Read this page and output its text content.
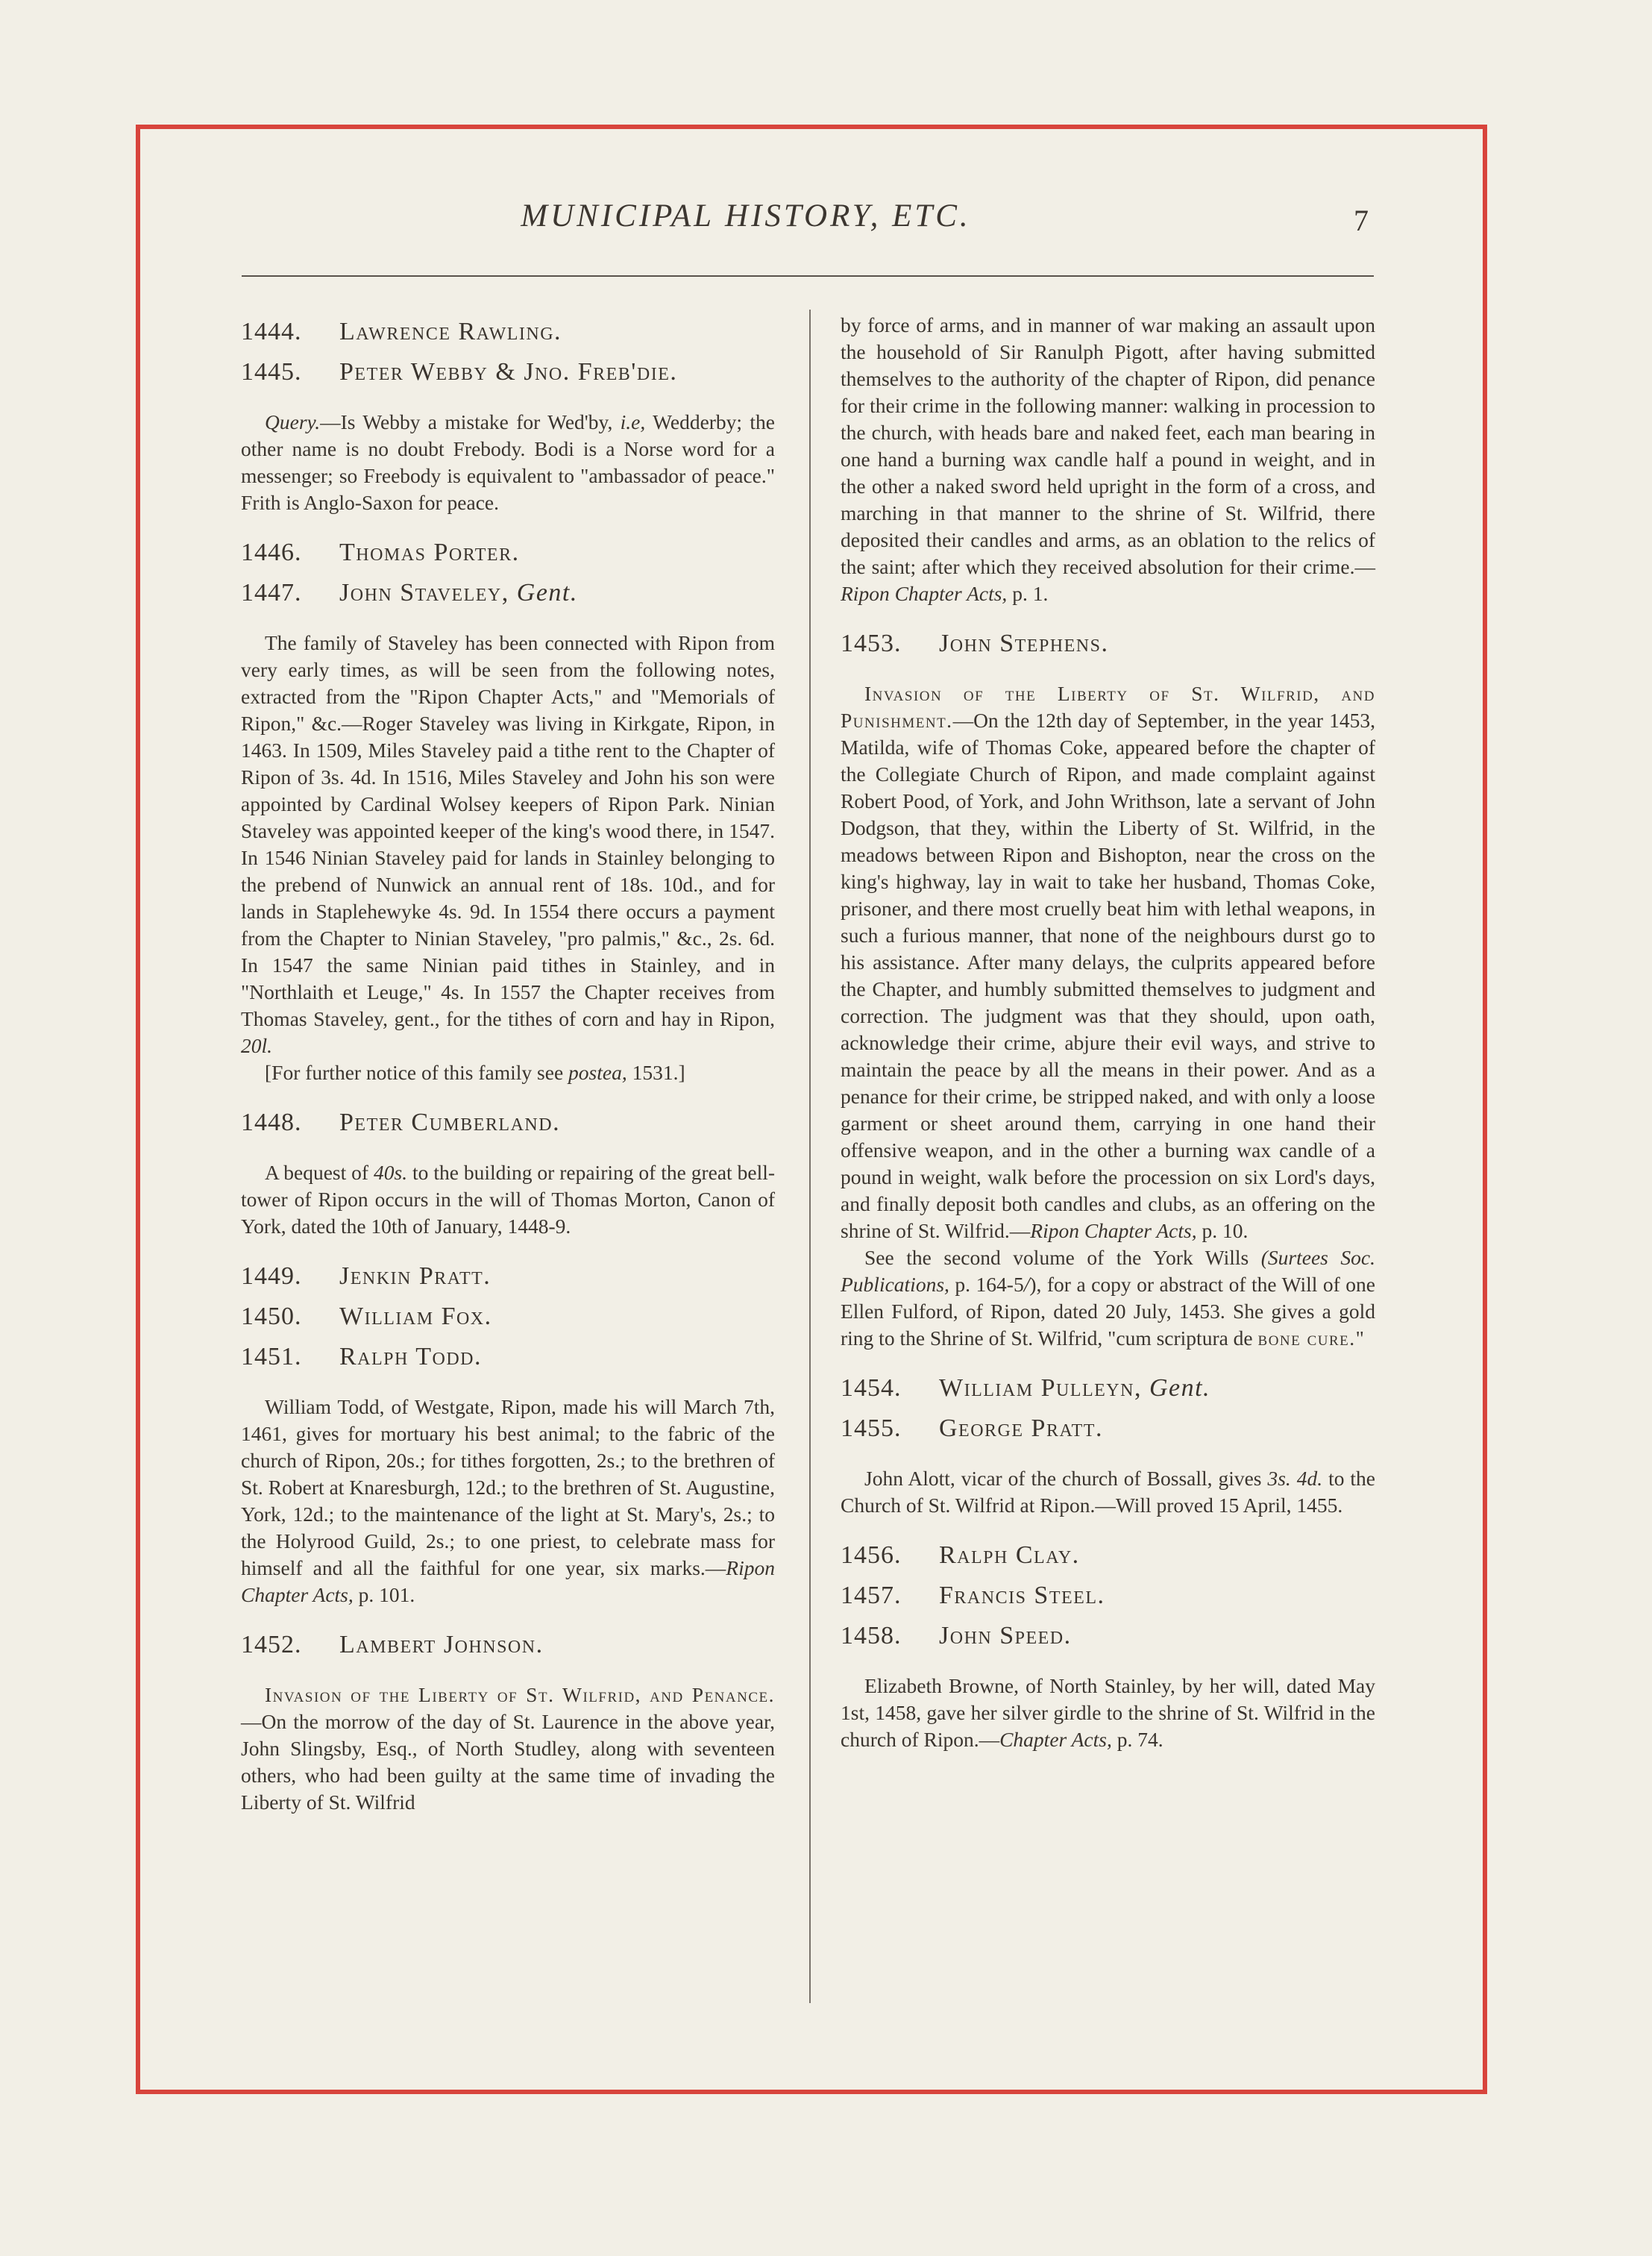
MUNICIPAL HISTORY, ETC.	7
1444. Lawrence Rawling.
1445. Peter Webby & Jno. Freb'die.

Query.—Is Webby a mistake for Wed'by, i.e, Wedderby; the other name is no doubt Frebody. Bodi is a Norse word for a messenger; so Freebody is equivalent to "ambassador of peace." Frith is Anglo-Saxon for peace.

1446. Thomas Porter.
1447. John Staveley, Gent.

The family of Staveley has been connected with Ripon from very early times, as will be seen from the following notes, extracted from the "Ripon Chapter Acts," and "Memorials of Ripon," &c.—Roger Staveley was living in Kirkgate, Ripon, in 1463. In 1509, Miles Staveley paid a tithe rent to the Chapter of Ripon of 3s. 4d. In 1516, Miles Staveley and John his son were appointed by Cardinal Wolsey keepers of Ripon Park. Ninian Staveley was appointed keeper of the king's wood there, in 1547. In 1546 Ninian Staveley paid for lands in Stainley belonging to the prebend of Nunwick an annual rent of 18s. 10d., and for lands in Staplehewyke 4s. 9d. In 1554 there occurs a payment from the Chapter to Ninian Staveley, "pro palmis," &c., 2s. 6d. In 1547 the same Ninian paid tithes in Stainley, and in "Northlaith et Leuge," 4s. In 1557 the Chapter receives from Thomas Staveley, gent., for the tithes of corn and hay in Ripon, 20l.

[For further notice of this family see postea, 1531.]

1448. Peter Cumberland.

A bequest of 40s. to the building or repairing of the great bell-tower of Ripon occurs in the will of Thomas Morton, Canon of York, dated the 10th of January, 1448-9.

1449. Jenkin Pratt.
1450. William Fox.
1451. Ralph Todd.

William Todd, of Westgate, Ripon, made his will March 7th, 1461, gives for mortuary his best animal; to the fabric of the church of Ripon, 20s.; for tithes forgotten, 2s.; to the brethren of St. Robert at Knaresburgh, 12d.; to the brethren of St. Augustine, York, 12d.; to the maintenance of the light at St. Mary's, 2s.; to the Holyrood Guild, 2s.; to one priest, to celebrate mass for himself and all the faithful for one year, six marks.—Ripon Chapter Acts, p. 101.

1452. Lambert Johnson.

Invasion of the Liberty of St. Wilfrid, and Penance.—On the morrow of the day of St. Laurence in the above year, John Slingsby, Esq., of North Studley, along with seventeen others, who had been guilty at the same time of invading the Liberty of St. Wilfrid

by force of arms, and in manner of war making an assault upon the household of Sir Ranulph Pigott, after having submitted themselves to the authority of the chapter of Ripon, did penance for their crime in the following manner: walking in procession to the church, with heads bare and naked feet, each man bearing in one hand a burning wax candle half a pound in weight, and in the other a naked sword held upright in the form of a cross, and marching in that manner to the shrine of St. Wilfrid, there deposited their candles and arms, as an oblation to the relics of the saint; after which they received absolution for their crime.—Ripon Chapter Acts, p. 1.

1453. John Stephens.

Invasion of the Liberty of St. Wilfrid, and Punishment.—On the 12th day of September, in the year 1453, Matilda, wife of Thomas Coke, appeared before the chapter of the Collegiate Church of Ripon, and made complaint against Robert Pood, of York, and John Writhson, late a servant of John Dodgson, that they, within the Liberty of St. Wilfrid, in the meadows between Ripon and Bishopton, near the cross on the king's highway, lay in wait to take her husband, Thomas Coke, prisoner, and there most cruelly beat him with lethal weapons, in such a furious manner, that none of the neighbours durst go to his assistance. After many delays, the culprits appeared before the Chapter, and humbly submitted themselves to judgment and correction. The judgment was that they should, upon oath, acknowledge their crime, abjure their evil ways, and strive to maintain the peace by all the means in their power. And as a penance for their crime, be stripped naked, and with only a loose garment or sheet around them, carrying in one hand their offensive weapon, and in the other a burning wax candle of a pound in weight, walk before the procession on six Lord's days, and finally deposit both candles and clubs, as an offering on the shrine of St. Wilfrid.—Ripon Chapter Acts, p. 10.

See the second volume of the York Wills (Surtees Soc. Publications, p. 164-5/), for a copy or abstract of the Will of one Ellen Fulford, of Ripon, dated 20 July, 1453. She gives a gold ring to the Shrine of St. Wilfrid, "cum scriptura de bone cure."

1454. William Pulleyn, Gent.
1455. George Pratt.

John Alott, vicar of the church of Bossall, gives 3s. 4d. to the Church of St. Wilfrid at Ripon.—Will proved 15 April, 1455.

1456. Ralph Clay.
1457. Francis Steel.
1458. John Speed.

Elizabeth Browne, of North Stainley, by her will, dated May 1st, 1458, gave her silver girdle to the shrine of St. Wilfrid in the church of Ripon.—Chapter Acts, p. 74.
